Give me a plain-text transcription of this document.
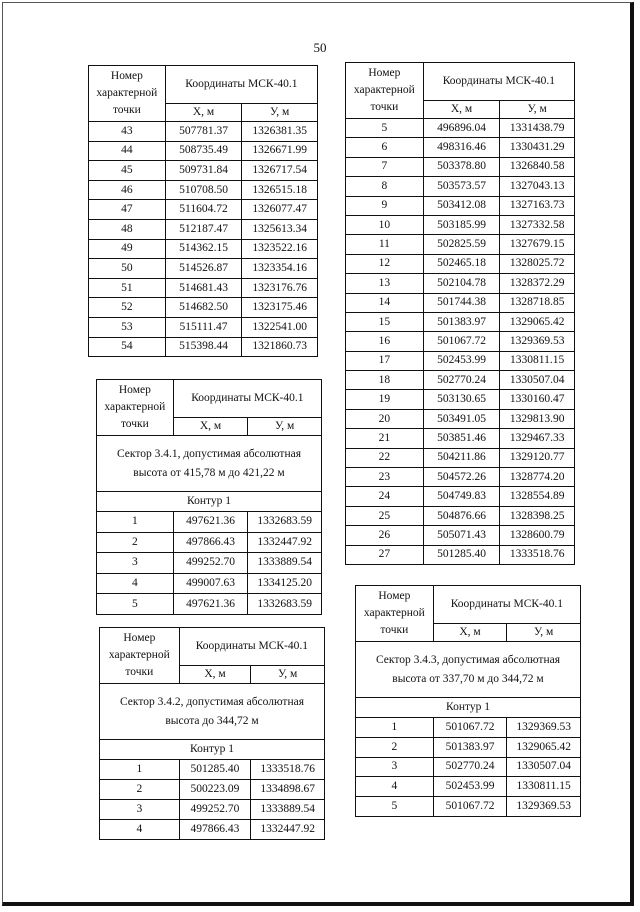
50
Номер характерной точки	Координаты МСК-40.1	
	X, м	У, м
43	507781.37	1326381.35
44	508735.49	1326671.99
45	509731.84	1326717.54
46	510708.50	1326515.18
47	511604.72	1326077.47
48	512187.47	1325613.34
49	514362.15	1323522.16
50	514526.87	1323354.16
51	514681.43	1323176.76
52	514682.50	1323175.46
53	515111.47	1322541.00
54	515398.44	1321860.73
Номер характерной точки	Координаты МСК-40.1	
	X, м	У, м
Сектор 3.4.1, допустимая абсолютная высота от 415,78 м до 421,22 м		
Контур 1		
1	497621.36	1332683.59
2	497866.43	1332447.92
3	499252.70	1333889.54
4	499007.63	1334125.20
5	497621.36	1332683.59
Номер характерной точки	Координаты МСК-40.1	
	X, м	У, м
Сектор 3.4.2, допустимая абсолютная высота до 344,72 м		
Контур 1		
1	501285.40	1333518.76
2	500223.09	1334898.67
3	499252.70	1333889.54
4	497866.43	1332447.92
Номер характерной точки	Координаты МСК-40.1	
	X, м	У, м
5	496896.04	1331438.79
6	498316.46	1330431.29
7	503378.80	1326840.58
8	503573.57	1327043.13
9	503412.08	1327163.73
10	503185.99	1327332.58
11	502825.59	1327679.15
12	502465.18	1328025.72
13	502104.78	1328372.29
14	501744.38	1328718.85
15	501383.97	1329065.42
16	501067.72	1329369.53
17	502453.99	1330811.15
18	502770.24	1330507.04
19	503130.65	1330160.47
20	503491.05	1329813.90
21	503851.46	1329467.33
22	504211.86	1329120.77
23	504572.26	1328774.20
24	504749.83	1328554.89
25	504876.66	1328398.25
26	505071.43	1328600.79
27	501285.40	1333518.76
Номер характерной точки	Координаты МСК-40.1	
	X, м	У, м
Сектор 3.4.3, допустимая абсолютная высота от 337,70 м до 344,72 м		
Контур 1		
1	501067.72	1329369.53
2	501383.97	1329065.42
3	502770.24	1330507.04
4	502453.99	1330811.15
5	501067.72	1329369.53
